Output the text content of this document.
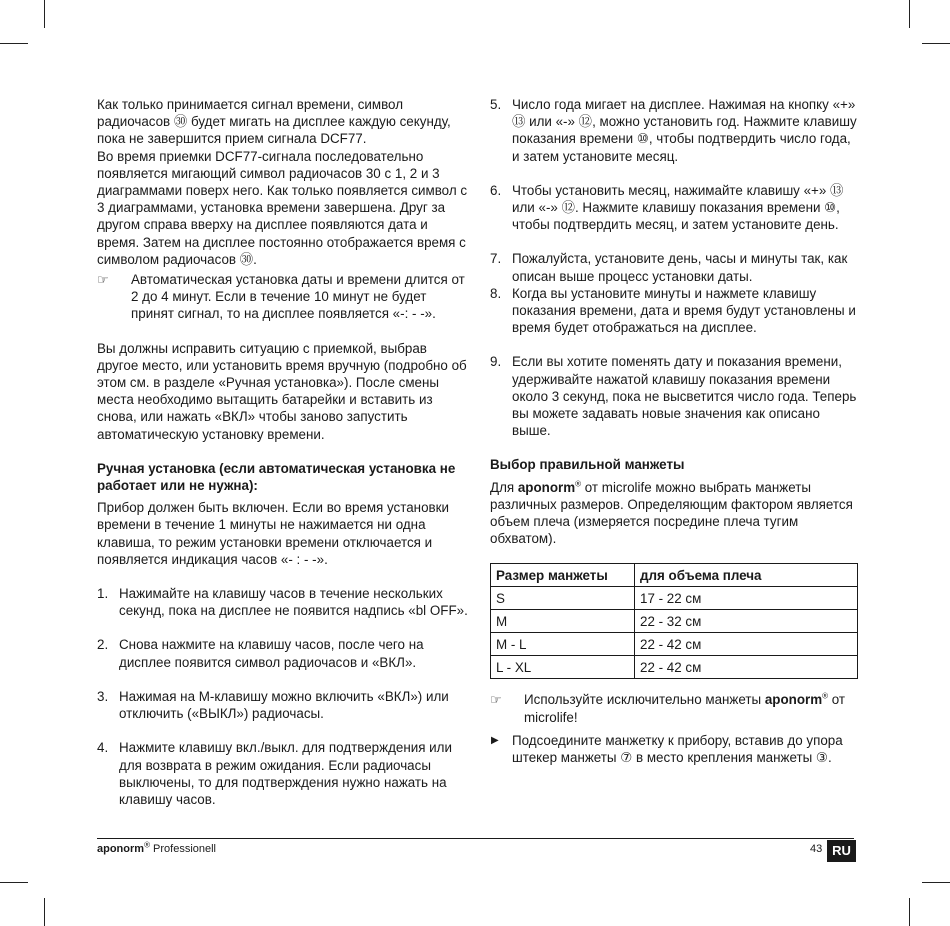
Как только принимается сигнал времени, символ радиочасов ㉚ будет мигать на дисплее каждую секунду, пока не завершится прием сигнала DCF77.

Во время приемки DCF77-сигнала последовательно появляется мигающий символ радиочасов 30 с 1, 2 и 3 диаграммами поверх него. Как только появляется символ с 3 диаграммами, установка времени завершена. Друг за другом справа вверху на дисплее появляются дата и время. Затем на дисплее постоянно отображается время с символом радиочасов ㉚.

☞ Автоматическая установка даты и времени длится от 2 до 4 минут. Если в течение 10 минут не будет принят сигнал, то на дисплее появляется «-: - -».

Вы должны исправить ситуацию с приемкой, выбрав другое место, или установить время вручную (подробно об этом см. в разделе «Ручная установка»). После смены места необходимо вытащить батарейки и вставить из снова, или нажать «ВКЛ» чтобы заново запустить автоматическую установку времени.

Ручная установка (если автоматическая установка не работает или не нужна):

Прибор должен быть включен. Если во время установки времени в течение 1 минуты не нажимается ни одна клавиша, то режим установки времени отключается и появляется индикация часов «- : - -».

1. Нажимайте на клавишу часов в течение нескольких секунд, пока на дисплее не появится надпись «bl OFF».
2. Снова нажмите на клавишу часов, после чего на дисплее появится символ радиочасов и «ВКЛ».
3. Нажимая на M-клавишу можно включить «ВКЛ») или отключить («ВЫКЛ») радиочасы.
4. Нажмите клавишу вкл./выкл. для подтверждения или для возврата в режим ожидания. Если радиочасы выключены, то для подтверждения нужно нажать на клавишу часов.
5. Число года мигает на дисплее. Нажимая на кнопку «+» ⑬ или «-» ⑫, можно установить год. Нажмите клавишу показания времени ⑩, чтобы подтвердить число года, и затем установите месяц.
6. Чтобы установить месяц, нажимайте клавишу «+» ⑬ или «-» ⑫. Нажмите клавишу показания времени ⑩, чтобы подтвердить месяц, и затем установите день.
7. Пожалуйста, установите день, часы и минуты так, как описан выше процесс установки даты.
8. Когда вы установите минуты и нажмете клавишу показания времени, дата и время будут установлены и время будет отображаться на дисплее.
9. Если вы хотите поменять дату и показания времени, удерживайте нажатой клавишу показания времени около 3 секунд, пока не высветится число года. Теперь вы можете задавать новые значения как описано выше.

Выбор правильной манжеты

Для aponorm® от microlife можно выбрать манжеты различных размеров. Определяющим фактором является объем плеча (измеряется посредине плеча тугим обхватом).

Размер манжеты	для объема плеча
S	17 - 22 см
M	22 - 32 см
M - L	22 - 42 см
L - XL	22 - 42 см
☞ Используйте исключительно манжеты aponorm® от microlife!

▶ Подсоедините манжетку к прибору, вставив до упора штекер манжеты ⑦ в место крепления манжеты ③.

aponorm® Professionell	43 RU
